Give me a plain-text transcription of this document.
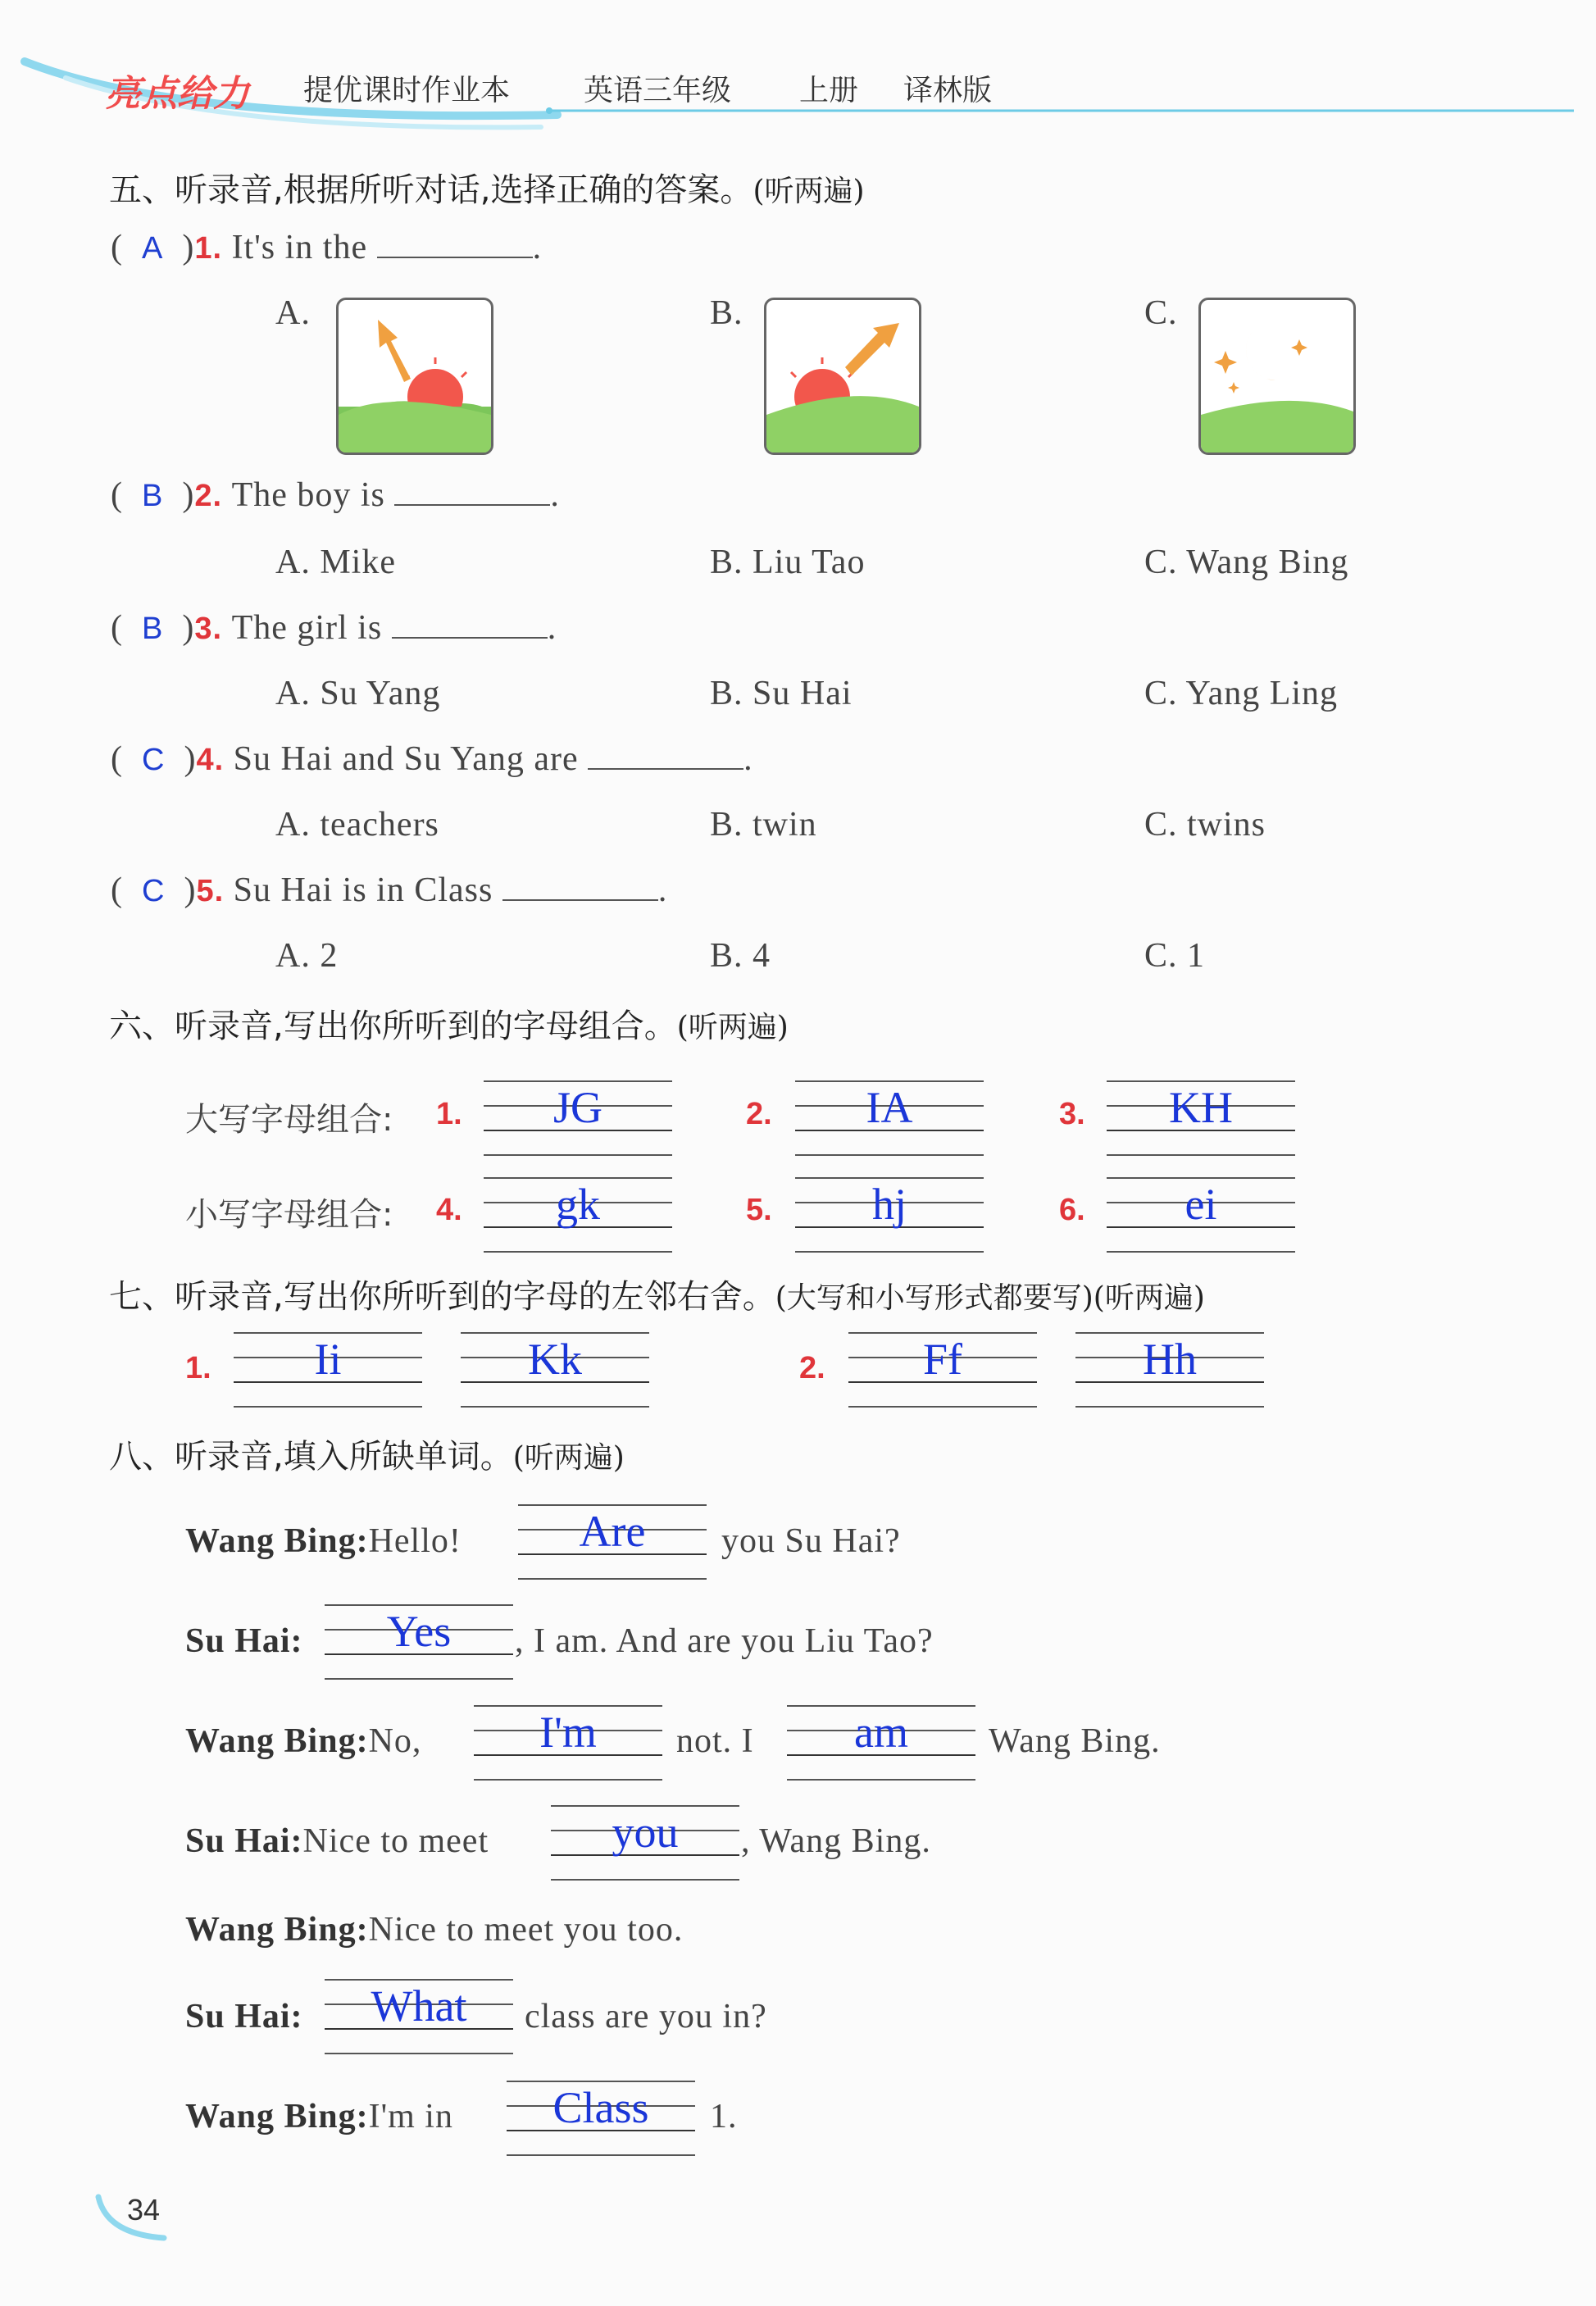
亮点给力 提优课时作业本 英语三年级 上册 译林版
五、听录音,根据所听对话,选择正确的答案。(听两遍)
(  A  )1. It's in the	.
A.	B.	C.
(  B  )2. The boy is	.
A. Mike	B. Liu Tao	C. Wang Bing
(  B  )3. The girl is	.
A. Su Yang	B. Su Hai	C. Yang Ling
(  C  )4. Su Hai and Su Yang are	.
A. teachers	B. twin	C. twins
(  C  )5. Su Hai is in Class	.
A. 2	B. 4	C. 1
六、听录音,写出你所听到的字母组合。(听两遍)
大写字母组合: 1.	JG	2.	IA	3.	KH
小写字母组合: 4.	gk	5.	hj	6.	ei
七、听录音,写出你所听到的字母的左邻右舍。(大写和小写形式都要写)(听两遍)
1.	Ii	Kk	2.	Ff	Hh
八、听录音,填入所缺单词。(听两遍)
Wang Bing:Hello!	Are	you Su Hai?
Su Hai:	Yes	, I am. And are you Liu Tao?
Wang Bing:No,	I'm	not. I	am	Wang Bing.
Su Hai:Nice to meet	you	, Wang Bing.
Wang Bing:Nice to meet you too.
Su Hai:	What	class are you in?
Wang Bing:I'm in	Class	1.
34
